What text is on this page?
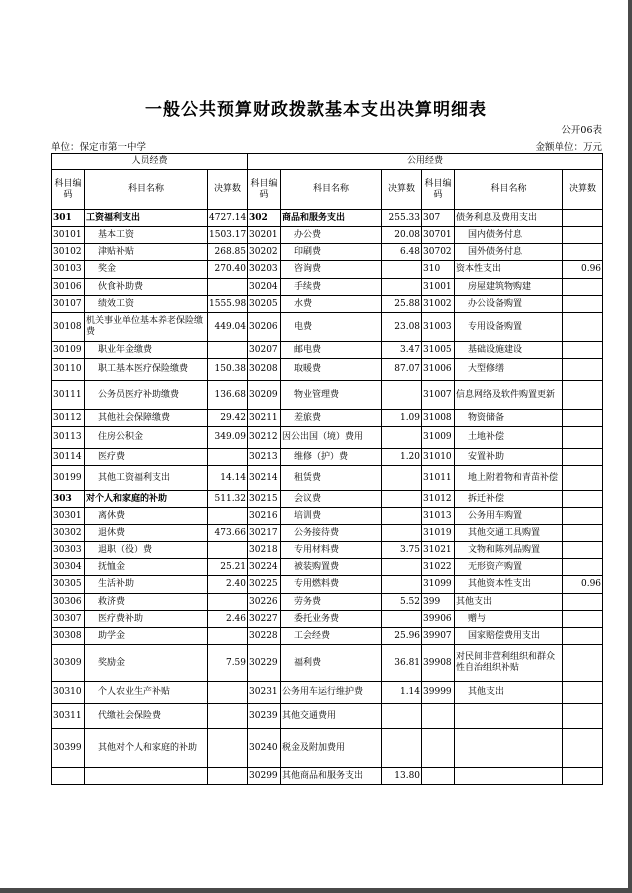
一般公共预算财政拨款基本支出决算明细表
公开06表
单位：保定市第一中学	金额单位：万元
人员经费			公用经费					
科目编码	科目名称	决算数	科目编码	科目名称	决算数	科目编码	科目名称	决算数
301	工资福利支出	4727.14	302	商品和服务支出	255.33	307	债务利息及费用支出	
30101	基本工资	1503.17	30201	办公费	20.08	30701	国内债务付息	
30102	津贴补贴	268.85	30202	印刷费	6.48	30702	国外债务付息	
30103	奖金	270.40	30203	咨询费		310	资本性支出	0.96
30106	伙食补助费		30204	手续费		31001	房屋建筑物购建	
30107	绩效工资	1555.98	30205	水费	25.88	31002	办公设备购置	
30108	机关事业单位基本养老保险缴费	449.04	30206	电费	23.08	31003	专用设备购置	
30109	职业年金缴费		30207	邮电费	3.47	31005	基础设施建设	
30110	职工基本医疗保险缴费	150.38	30208	取暖费	87.07	31006	大型修缮	
30111	公务员医疗补助缴费	136.68	30209	物业管理费		31007	信息网络及软件购置更新	
30112	其他社会保障缴费	29.42	30211	差旅费	1.09	31008	物资储备	
30113	住房公积金	349.09	30212	因公出国（境）费用		31009	土地补偿	
30114	医疗费		30213	维修（护）费	1.20	31010	安置补助	
30199	其他工资福利支出	14.14	30214	租赁费		31011	地上附着物和青苗补偿	
303	对个人和家庭的补助	511.32	30215	会议费		31012	拆迁补偿	
30301	离休费		30216	培训费		31013	公务用车购置	
30302	退休费	473.66	30217	公务接待费		31019	其他交通工具购置	
30303	退职（役）费		30218	专用材料费	3.75	31021	文物和陈列品购置	
30304	抚恤金	25.21	30224	被装购置费		31022	无形资产购置	
30305	生活补助	2.40	30225	专用燃料费		31099	其他资本性支出	0.96
30306	救济费		30226	劳务费	5.52	399	其他支出	
30307	医疗费补助	2.46	30227	委托业务费		39906	赠与	
30308	助学金		30228	工会经费	25.96	39907	国家赔偿费用支出	
30309	奖励金	7.59	30229	福利费	36.81	39908	对民间非营利组织和群众性自治组织补贴	
30310	个人农业生产补贴		30231	公务用车运行维护费	1.14	39999	其他支出	
30311	代缴社会保险费		30239	其他交通费用				
30399	其他对个人和家庭的补助		30240	税金及附加费用				
			30299	其他商品和服务支出	13.80			
